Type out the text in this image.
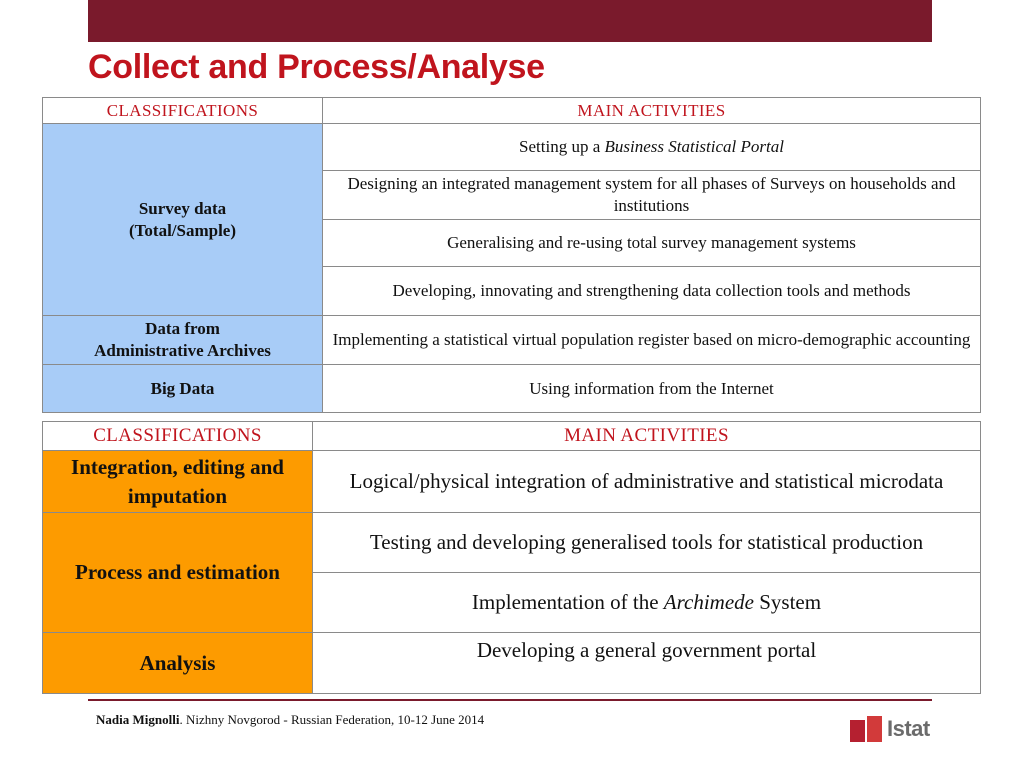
Collect and Process/Analyse
CLASSIFICATIONS	MAIN ACTIVITIES
Survey data
(Total/Sample)	Setting up a Business Statistical Portal
	Designing an integrated management system for all phases of Surveys on households and institutions
	Generalising and re-using total survey management systems
	Developing, innovating and strengthening data collection tools and methods
Data from
Administrative Archives	Implementing a statistical virtual population register based on micro-demographic accounting
Big Data	Using information from the Internet
CLASSIFICATIONS	MAIN ACTIVITIES
Integration, editing and
imputation	Logical/physical integration of administrative and statistical microdata
Process and estimation	Testing and developing generalised tools for statistical production
	Implementation of the Archimede System
Analysis	Developing a general government portal
Nadia Mignolli. Nizhny Novgorod - Russian Federation, 10-12 June 2014	Istat
